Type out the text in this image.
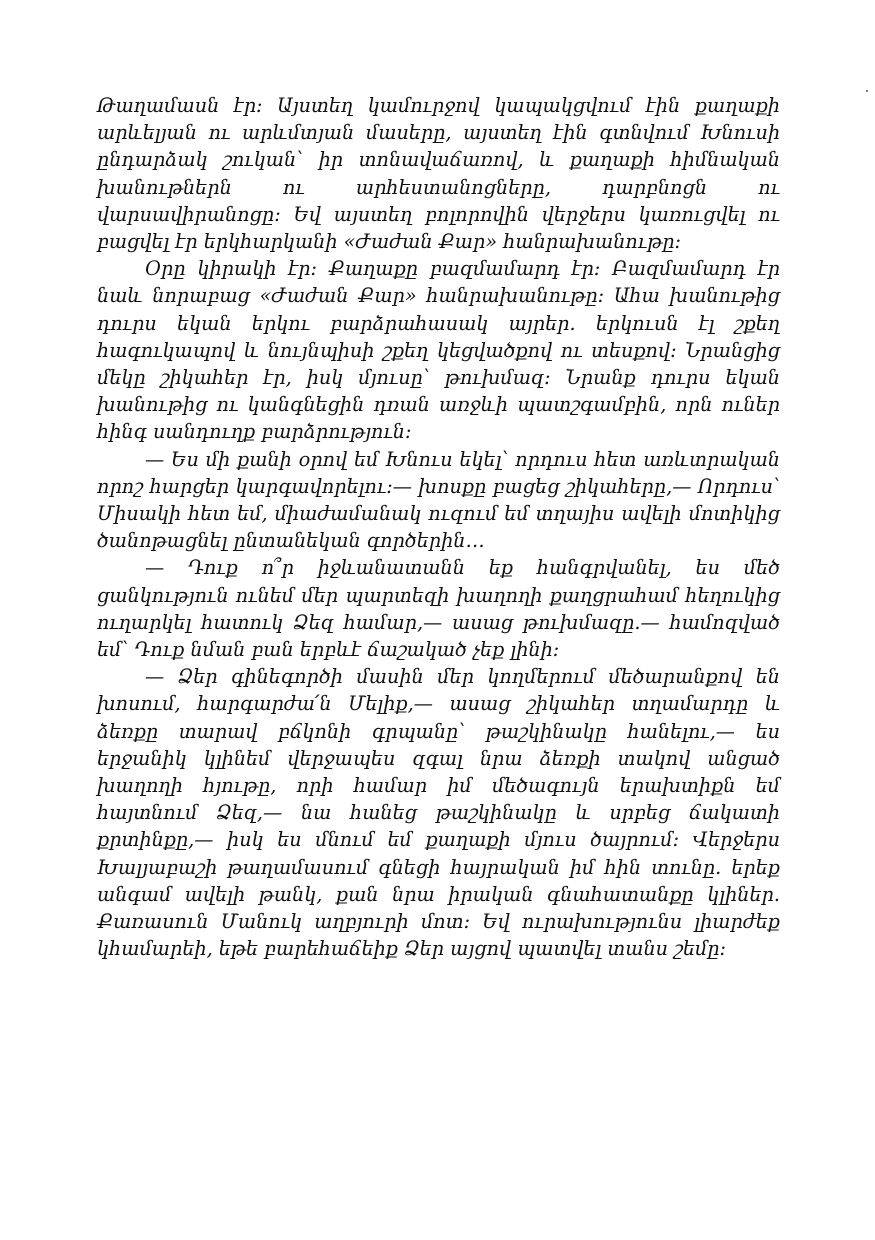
Թաղամասն էր: Այստեղ կամուրջով կապակցվում էին քաղաքի արևելյան ու արևմտյան մասերը, այստեղ էին գտնվում Խնուսի ընդարձակ շուկան՝ իր տոնավաճառով, և քաղաքի հիմնական խանութներն ու արհեստանոցները, դարբնոցն ու վարսավիրանոցը: Եվ այստեղ բոլորովին վերջերս կառուցվել ու բացվել էր երկհարկանի «Ժաժան Քար» հանրախանութը:

Օրը կիրակի էր: Քաղաքը բազմամարդ էր: Բազմամարդ էր նաև նորաբաց «Ժաժան Քար» հանրախանութը: Ահա խանութից դուրս եկան երկու բարձրահասակ այրեր. երկուսն էլ շքեղ հագուկապով և նույնպիսի շքեղ կեցվածքով ու տեսքով: Նրանցից մեկը շիկահեր էր, իսկ մյուսը՝ թուխմազ: Նրանք դուրս եկան խանութից ու կանգնեցին դռան առջևի պատշգամբին, որն ուներ հինգ սանդուղք բարձրություն:

— Ես մի քանի օրով եմ Խնուս եկել՝ որդուս հետ առևտրական որոշ հարցեր կարգավորելու:— խոսքը բացեց շիկահերը,— Որդուս՝ Միսակի հետ եմ, միաժամանակ ուզում եմ տղայիս ավելի մոտիկից ծանոթացնել ընտանեկան գործերին…

— Դուք ո՞ր իջևանատանն եք հանգրվանել, ես մեծ ցանկություն ունեմ մեր պարտեզի խաղողի քաղցրահամ հեղուկից ուղարկել հատուկ Ձեզ համար,— ասաց թուխմազը.— համոզված եմ՝ Դուք նման բան երբևէ ճաշակած չեք լինի:

— Ձեր գինեգործի մասին մեր կողմերում մեծարանքով են խոսում, հարգարժա՛ն Մելիք,— ասաց շիկահեր տղամարդը և ձեռքը տարավ բճկոնի գրպանը՝ թաշկինակը հանելու,— ես երջանիկ կլինեմ վերջապես զգալ նրա ձեռքի տակով անցած խաղողի հյութը, որի համար իմ մեծագույն երախտիքն եմ հայտնում Ձեզ,— նա հանեց թաշկինակը և սրբեց ճակատի քրտինքը,— իսկ ես մնում եմ քաղաքի մյուս ծայրում: Վերջերս Խալյաբաշի թաղամասում գնեցի հայրական իմ հին տունը. երեք անգամ ավելի թանկ, քան նրա իրական գնահատանքը կլիներ. Քառասուն Մանուկ աղբյուրի մոտ: Եվ ուրախությունս լիարժեք կհամարեի, եթե բարեհաճեիք Ձեր այցով պատվել տանս շեմը:
